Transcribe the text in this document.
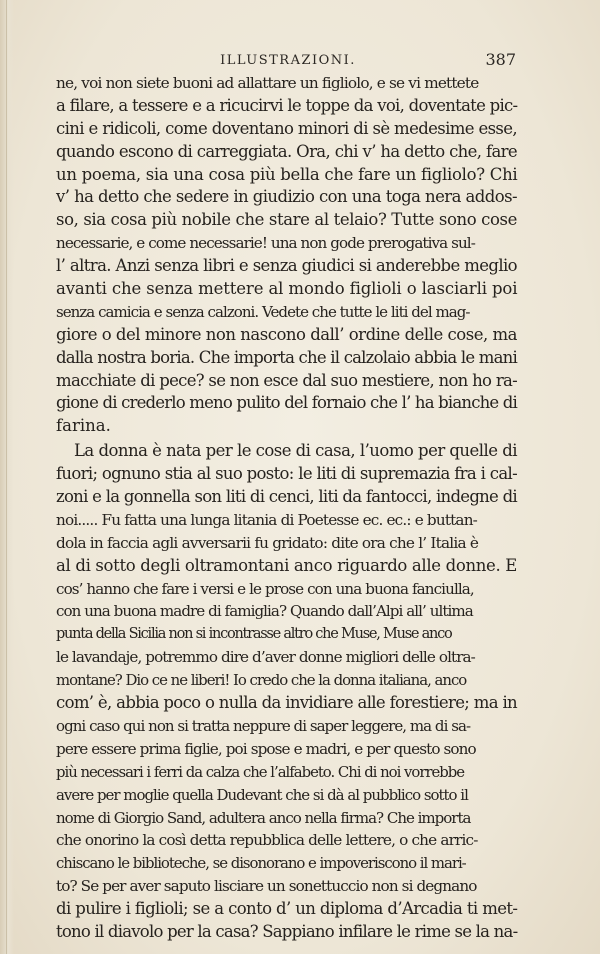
ILLUSTRAZIONI.	387
ne, voi non siete buoni ad allattare un figliolo, e se vi mettete
a filare, a tessere e a ricucirvi le toppe da voi, doventate pic-
cini e ridicoli, come doventano minori di sè medesime esse,
quando escono di carreggiata. Ora, chi v’ ha detto che, fare
un poema, sia una cosa più bella che fare un figliolo? Chi
v’ ha detto che sedere in giudizio con una toga nera addos-
so, sia cosa più nobile che stare al telaio? Tutte sono cose
necessarie, e come necessarie! una non gode prerogativa sul-
l’ altra. Anzi senza libri e senza giudici si anderebbe meglio
avanti che senza mettere al mondo figlioli o lasciarli poi
senza camicia e senza calzoni. Vedete che tutte le liti del mag-
giore o del minore non nascono dall’ ordine delle cose, ma
dalla nostra boria. Che importa che il calzolaio abbia le mani
macchiate di pece? se non esce dal suo mestiere, non ho ra-
gione di crederlo meno pulito del fornaio che l’ ha bianche di
farina.
La donna è nata per le cose di casa, l’uomo per quelle di
fuori; ognuno stia al suo posto: le liti di supremazia fra i cal-
zoni e la gonnella son liti di cenci, liti da fantocci, indegne di
noi..... Fu fatta una lunga litania di Poetesse ec. ec.: e buttan-
dola in faccia agli avversarii fu gridato: dite ora che l’ Italia è
al di sotto degli oltramontani anco riguardo alle donne. E
cos’ hanno che fare i versi e le prose con una buona fanciulla,
con una buona madre di famiglia? Quando dall’Alpi all’ ultima
punta della Sicilia non si incontrasse altro che Muse, Muse anco
le lavandaje, potremmo dire d’aver donne migliori delle oltra-
montane? Dio ce ne liberi! Io credo che la donna italiana, anco
com’ è, abbia poco o nulla da invidiare alle forestiere; ma in
ogni caso qui non si tratta neppure di saper leggere, ma di sa-
pere essere prima figlie, poi spose e madri, e per questo sono
più necessari i ferri da calza che l’alfabeto. Chi di noi vorrebbe
avere per moglie quella Dudevant che si dà al pubblico sotto il
nome di Giorgio Sand, adultera anco nella firma? Che importa
che onorino la così detta repubblica delle lettere, o che arric-
chiscano le biblioteche, se disonorano e impoveriscono il mari-
to? Se per aver saputo lisciare un sonettuccio non si degnano
di pulire i figlioli; se a conto d’ un diploma d’Arcadia ti met-
tono il diavolo per la casa? Sappiano infilare le rime se la na-
